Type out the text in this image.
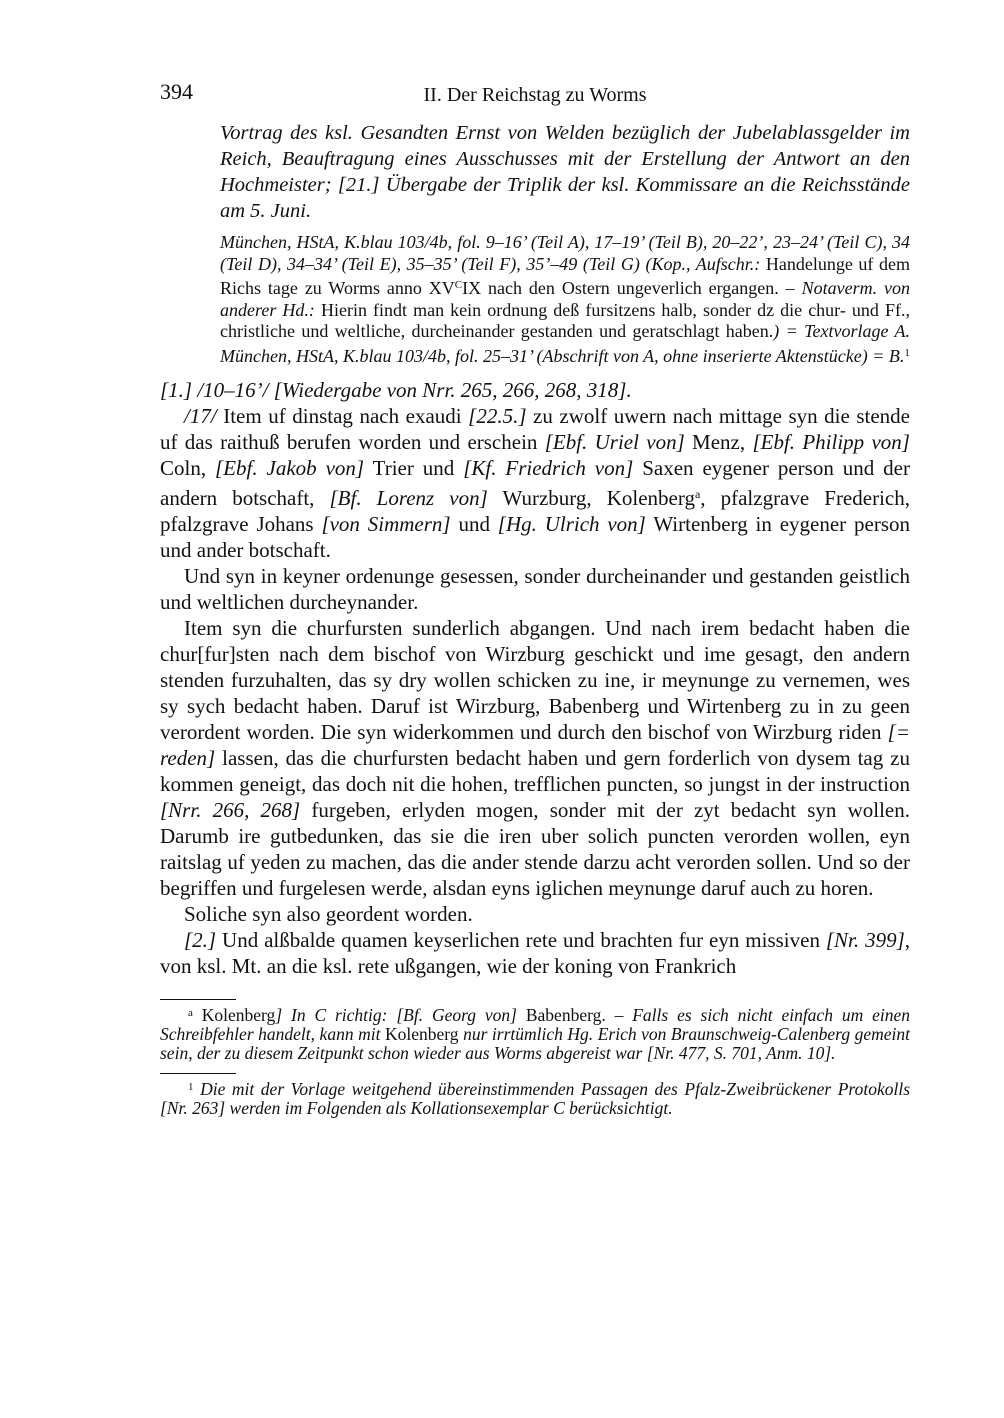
394	II. Der Reichstag zu Worms

Vortrag des ksl. Gesandten Ernst von Welden bezüglich der Jubelablassgelder im Reich, Beauftragung eines Ausschusses mit der Erstellung der Antwort an den Hochmeister; [21.] Übergabe der Triplik der ksl. Kommissare an die Reichsstände am 5. Juni.

München, HStA, K.blau 103/4b, fol. 9–16’ (Teil A), 17–19’ (Teil B), 20–22’, 23–24’ (Teil C), 34 (Teil D), 34–34’ (Teil E), 35–35’ (Teil F), 35’–49 (Teil G) (Kop., Aufschr.: Handelunge uf dem Richs tage zu Worms anno $XV^CIX$ nach den Ostern ungeverlich ergangen. – Notaverm. von anderer Hd.: Hierin findt man kein ordnung deß fursitzens halb, sonder dz die chur- und Ff., christliche und weltliche, durcheinander gestanden und geratschlagt haben.) = Textvorlage A. München, HStA, K.blau 103/4b, fol. 25–31’ (Abschrift von A, ohne inserierte Aktenstücke) = B.$^1$

[1.] /10–16’/ [Wiedergabe von Nrr. 265, 266, 268, 318].

/17/ Item uf dinstag nach exaudi [22.5.] zu zwolf uwern nach mittage syn die stende uf das raithuß berufen worden und erschein [Ebf. Uriel von] Menz, [Ebf. Philipp von] Coln, [Ebf. Jakob von] Trier und [Kf. Friedrich von] Saxen eygener person und der andern botschaft, [Bf. Lorenz von] Wurzburg, Kolenberg$^a$, pfalzgrave Frederich, pfalzgrave Johans [von Simmern] und [Hg. Ulrich von] Wirtenberg in eygener person und ander botschaft.

Und syn in keyner ordenunge gesessen, sonder durcheinander und gestanden geistlich und weltlichen durcheynander.

Item syn die churfursten sunderlich abgangen. Und nach irem bedacht haben die chur[fur]sten nach dem bischof von Wirzburg geschickt und ime gesagt, den andern stenden furzuhalten, das sy dry wollen schicken zu ine, ir meynunge zu vernemen, wes sy sych bedacht haben. Daruf ist Wirzburg, Babenberg und Wirtenberg zu in zu geen verordent worden. Die syn widerkommen und durch den bischof von Wirzburg riden [= reden] lassen, das die churfursten bedacht haben und gern forderlich von dysem tag zu kommen geneigt, das doch nit die hohen, trefflichen puncten, so jungst in der instruction [Nrr. 266, 268] furgeben, erlyden mogen, sonder mit der zyt bedacht syn wollen. Darumb ire gutbedunken, das sie die iren uber solich puncten verorden wollen, eyn raitslag uf yeden zu machen, das die ander stende darzu acht verorden sollen. Und so der begriffen und furgelesen werde, alsdan eyns iglichen meynunge daruf auch zu horen.

Soliche syn also geordent worden.

[2.] Und alßbalde quamen keyserlichen rete und brachten fur eyn missiven [Nr. 399], von ksl. Mt. an die ksl. rete ußgangen, wie der koning von Frankrich

$^a$ Kolenberg] In C richtig: [Bf. Georg von] Babenberg. – Falls es sich nicht einfach um einen Schreibfehler handelt, kann mit Kolenberg nur irrtümlich Hg. Erich von Braunschweig-Calenberg gemeint sein, der zu diesem Zeitpunkt schon wieder aus Worms abgereist war [Nr. 477, S. 701, Anm. 10].

$^1$ Die mit der Vorlage weitgehend übereinstimmenden Passagen des Pfalz-Zweibrückener Protokolls [Nr. 263] werden im Folgenden als Kollationsexemplar C berücksichtigt.
